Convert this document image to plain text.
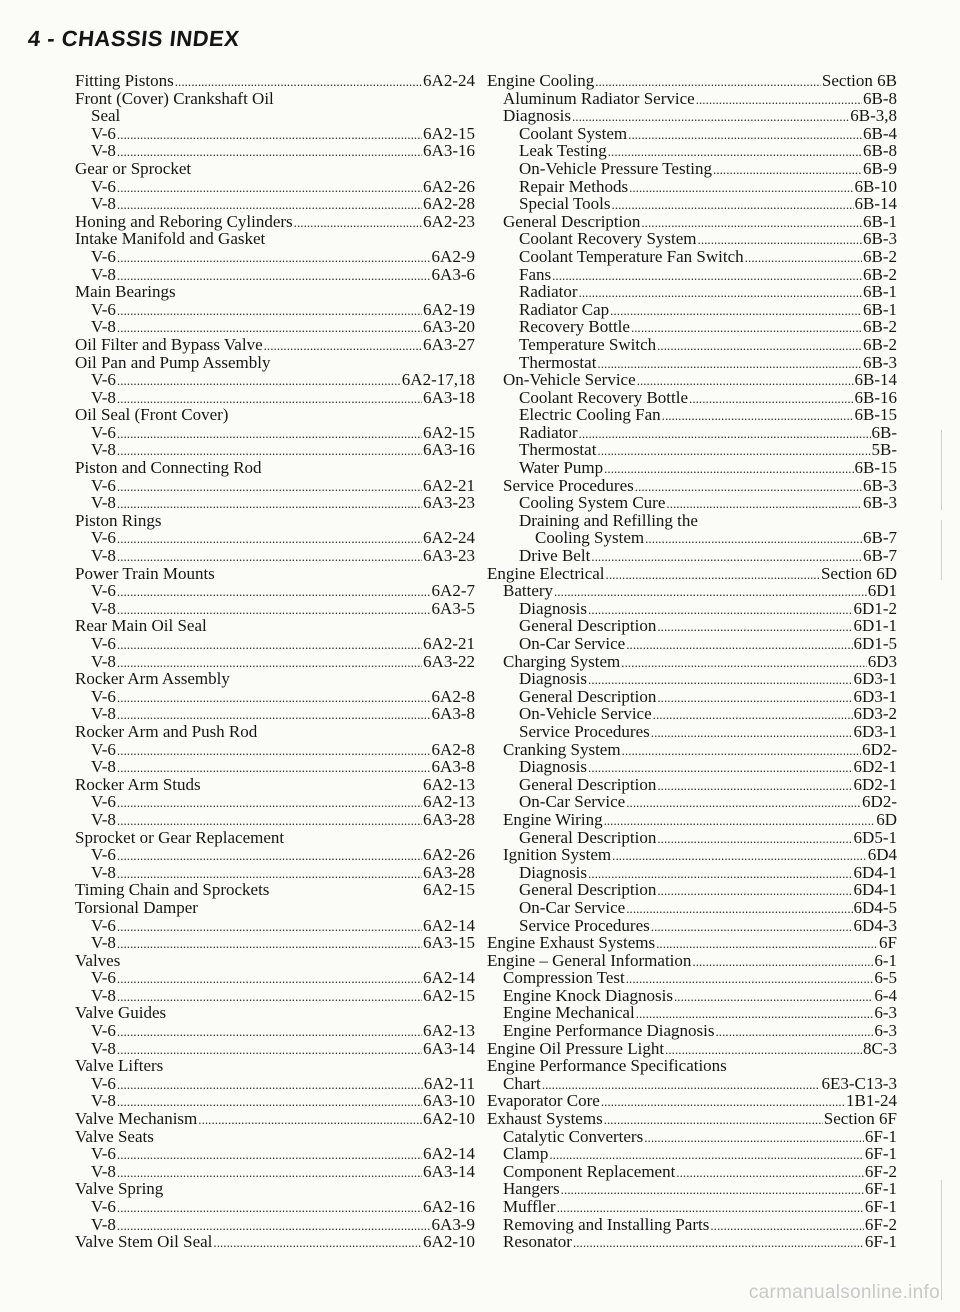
4 - CHASSIS INDEX
Fitting Pistons . . .	6A2-24
Front (Cover) Crankshaft Oil
Seal
V-6 . . .	6A2-15
V-8 . . .	6A3-16
Gear or Sprocket
V-6 . . .	6A2-26
V-8 . . .	6A2-28
Honing and Reboring Cylinders . . .	6A2-23
Intake Manifold and Gasket
V-6 . . .	6A2-9
V-8 . . .	6A3-6
Main Bearings
V-6 . . .	6A2-19
V-8 . . .	6A3-20
Oil Filter and Bypass Valve . . .	6A3-27
Oil Pan and Pump Assembly
V-6 . . .	6A2-17,18
V-8 . . .	6A3-18
Oil Seal (Front Cover)
V-6 . . .	6A2-15
V-8 . . .	6A3-16
Piston and Connecting Rod
V-6 . . .	6A2-21
V-8 . . .	6A3-23
Piston Rings
V-6 . . .	6A2-24
V-8 . . .	6A3-23
Power Train Mounts
V-6 . . .	6A2-7
V-8 . . .	6A3-5
Rear Main Oil Seal
V-6 . . .	6A2-21
V-8 . . .	6A3-22
Rocker Arm Assembly
V-6 . . .	6A2-8
V-8 . . .	6A3-8
Rocker Arm and Push Rod
V-6 . . .	6A2-8
V-8 . . .	6A3-8
Rocker Arm Studs	6A2-13
V-6 . . .	6A2-13
V-8 . . .	6A3-28
Sprocket or Gear Replacement
V-6 . . .	6A2-26
V-8 . . .	6A3-28
Timing Chain and Sprockets	6A2-15
Torsional Damper
V-6 . . .	6A2-14
V-8 . . .	6A3-15
Valves
V-6 . . .	6A2-14
V-8 . . .	6A2-15
Valve Guides
V-6 . . .	6A2-13
V-8 . . .	6A3-14
Valve Lifters
V-6 . . .	6A2-11
V-8 . . .	6A3-10
Valve Mechanism . . .	6A2-10
Valve Seats
V-6 . . .	6A2-14
V-8 . . .	6A3-14
Valve Spring
V-6 . . .	6A2-16
V-8 . . .	6A3-9
Valve Stem Oil Seal . . .	6A2-10
Engine Cooling . . .	Section 6B
Aluminum Radiator Service . . .	6B-8
Diagnosis . . .	6B-3,8
Coolant System . . .	6B-4
Leak Testing . . .	6B-8
On-Vehicle Pressure Testing . . .	6B-9
Repair Methods . . .	6B-10
Special Tools . . .	6B-14
General Description . . .	6B-1
Coolant Recovery System . . .	6B-3
Coolant Temperature Fan Switch . . .	6B-2
Fans . . .	6B-2
Radiator . . .	6B-1
Radiator Cap . . .	6B-1
Recovery Bottle . . .	6B-2
Temperature Switch . . .	6B-2
Thermostat . . .	6B-3
On-Vehicle Service . . .	6B-14
Coolant Recovery Bottle . . .	6B-16
Electric Cooling Fan . . .	6B-15
Radiator . . .	6B-
Thermostat . . .	5B-
Water Pump . . .	6B-15
Service Procedures . . .	6B-3
Cooling System Cure . . .	6B-3
Draining and Refilling the
Cooling System . . .	6B-7
Drive Belt . . .	6B-7
Engine Electrical . . .	Section 6D
Battery . . .	6D1
Diagnosis . . .	6D1-2
General Description . . .	6D1-1
On-Car Service . . .	6D1-5
Charging System . . .	6D3
Diagnosis . . .	6D3-1
General Description . . .	6D3-1
On-Vehicle Service . . .	6D3-2
Service Procedures . . .	6D3-1
Cranking System . . .	6D2-
Diagnosis . . .	6D2-1
General Description . . .	6D2-1
On-Car Service . . .	6D2-
Engine Wiring . . .	6D
General Description . . .	6D5-1
Ignition System . . .	6D4
Diagnosis . . .	6D4-1
General Description . . .	6D4-1
On-Car Service . . .	6D4-5
Service Procedures . . .	6D4-3
Engine Exhaust Systems . . .	6F
Engine – General Information . . .	6-1
Compression Test . . .	6-5
Engine Knock Diagnosis . . .	6-4
Engine Mechanical . . .	6-3
Engine Performance Diagnosis . . .	6-3
Engine Oil Pressure Light . . .	8C-3
Engine Performance Specifications
Chart . . .	6E3-C13-3
Evaporator Core . . .	1B1-24
Exhaust Systems . . .	Section 6F
Catalytic Converters . . .	6F-1
Clamp . . .	6F-1
Component Replacement . . .	6F-2
Hangers . . .	6F-1
Muffler . . .	6F-1
Removing and Installing Parts . . .	6F-2
Resonator . . .	6F-1
carmanualsonline.info
